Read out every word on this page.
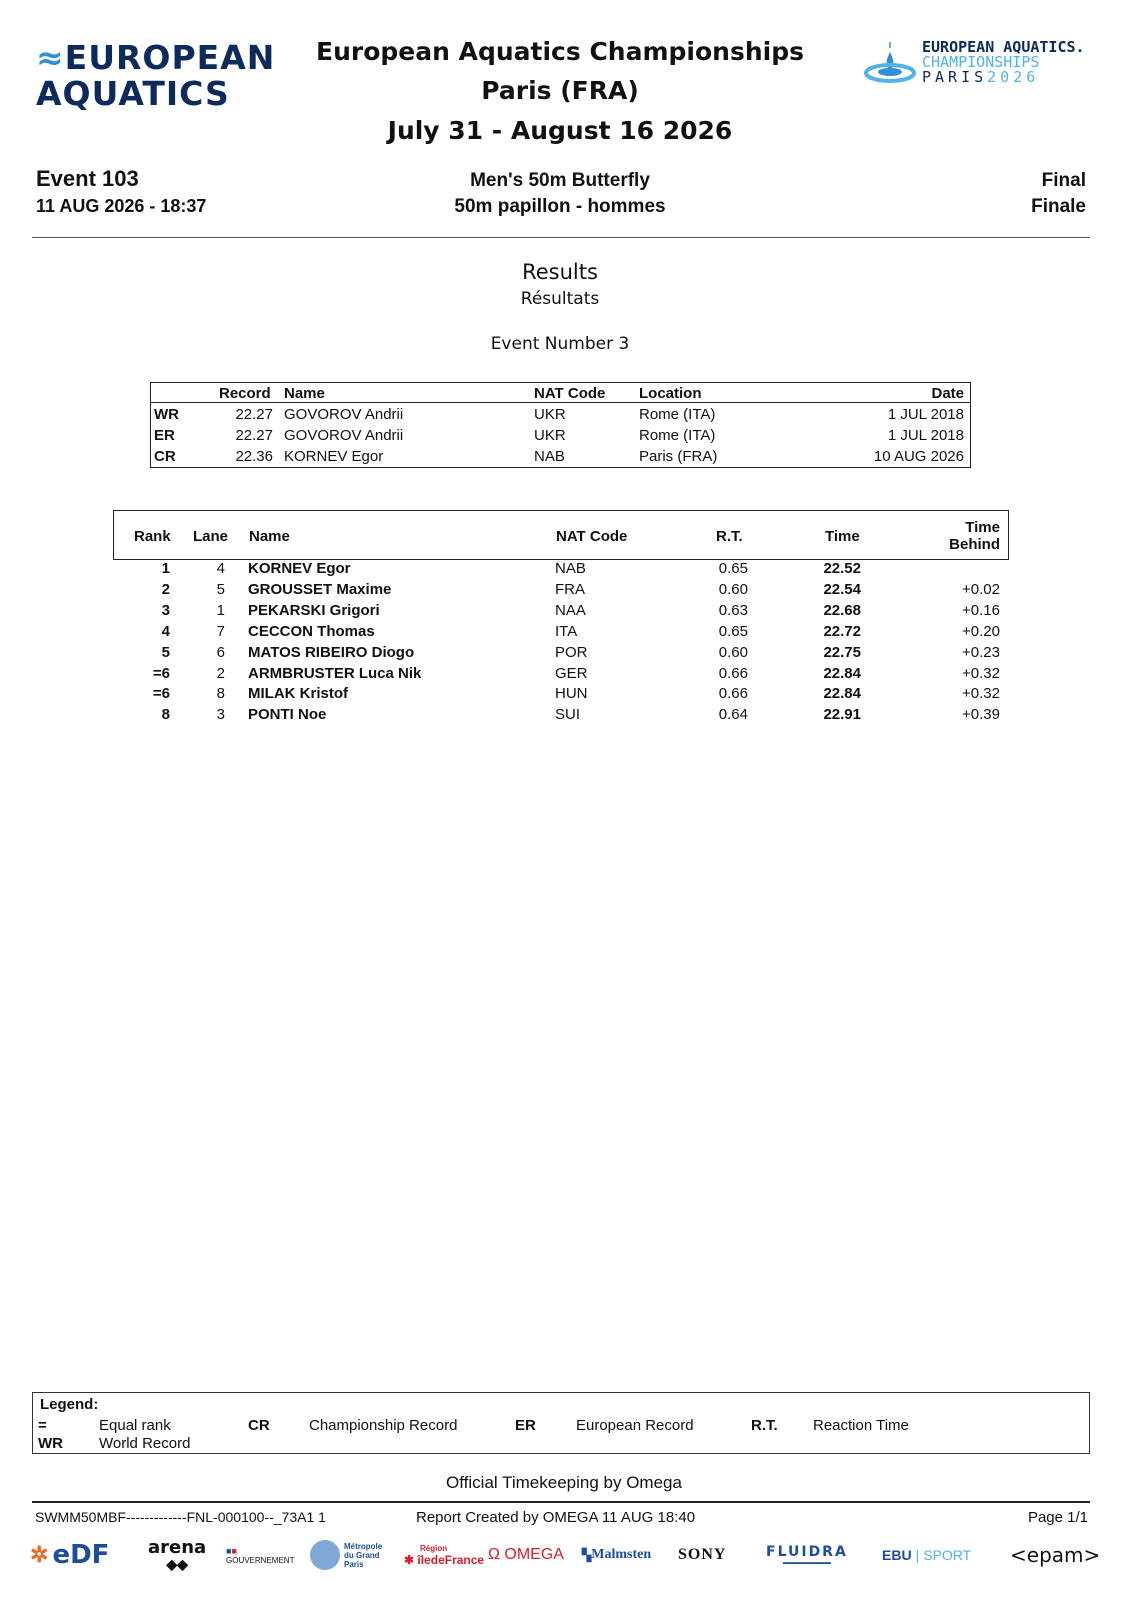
≈EUROPEAN
AQUATICS
European Aquatics Championships
Paris (FRA)
July 31 - August 16 2026
EUROPEAN AQUATICS.
CHAMPIONSHIPS
PARIS2026
Event 103
11 AUG 2026 - 18:37
Men's 50m Butterfly
50m papillon - hommes
Final
Finale
Results
Résultats
Event Number 3
Record Name	NAT Code Location	Date
WR	22.27 GOVOROV Andrii	UKR	Rome (ITA)	1 JUL 2018
ER	22.27 GOVOROV Andrii	UKR	Rome (ITA)	1 JUL 2018
CR	22.36 KORNEV Egor	NAB	Paris (FRA)	10 AUG 2026
Rank Lane Name	NAT Code	R.T.	Time
Time
Behind
1	4 KORNEV Egor	NAB	0.65	22.52
2	5 GROUSSET Maxime	FRA	0.60	22.54	+0.02
3	1 PEKARSKI Grigori	NAA	0.63	22.68	+0.16
4	7 CECCON Thomas	ITA	0.65	22.72	+0.20
5	6 MATOS RIBEIRO Diogo	POR	0.60	22.75	+0.23
=6	2 ARMBRUSTER Luca Nik	GER	0.66	22.84	+0.32
=6	8 MILAK Kristof	HUN	0.66	22.84	+0.32
8	3 PONTI Noe	SUI	0.64	22.91	+0.39
Legend:
=	Equal rank	CR	Championship Record	ER	European Record	R.T. Reaction Time
WR World Record
Official Timekeeping by Omega
SWMM50MBF-------------FNL-000100--_73A1 1	Report Created by OMEGA 11 AUG 18:40	Page 1/1
✲ eDF arena
◆◆
■■
GOUVERNEMENT
Métropole du Grand Paris
Région
✱ îledeFrance Ω OMEGA ▚ Malmsten SONY	FLUIDRA
▬▬▬▬▬▬▬▬	EBU | SPORT <epam>
